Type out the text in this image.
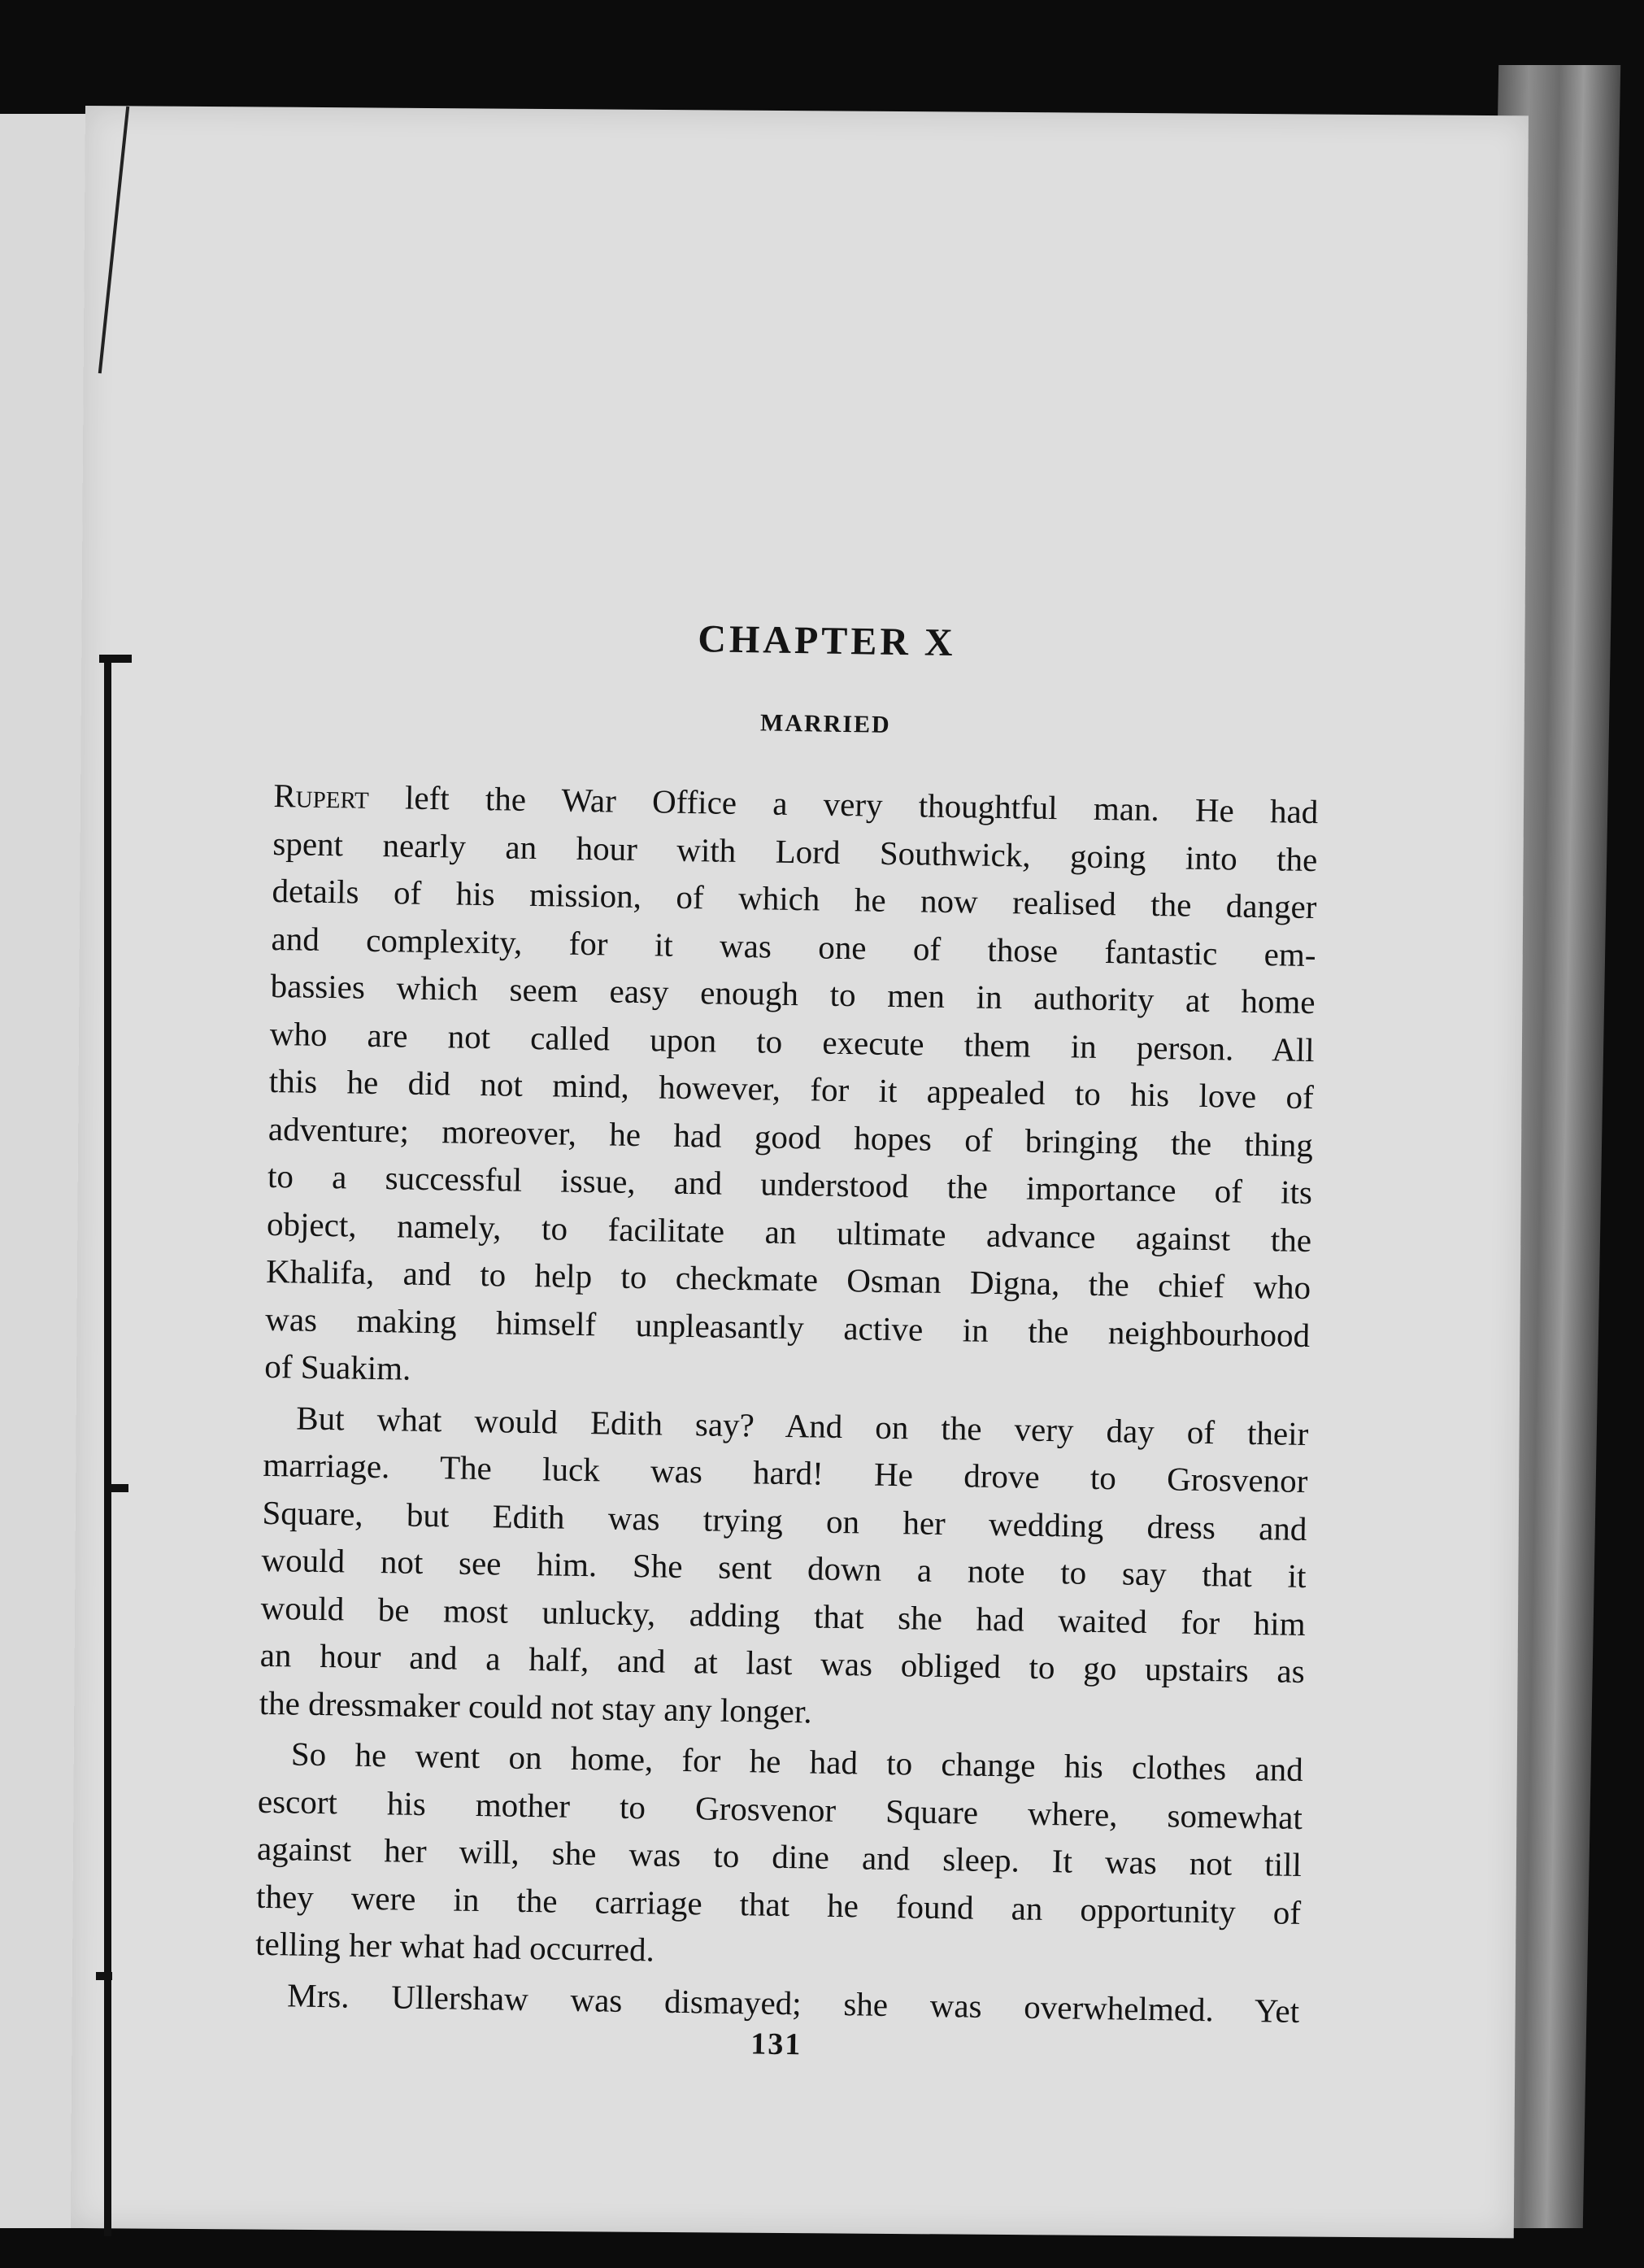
CHAPTER X
MARRIED
Rupert left the War Office a very thoughtful man. He had
spent nearly an hour with Lord Southwick, going into the
details of his mission, of which he now realised the danger
and complexity, for it was one of those fantastic em-
bassies which seem easy enough to men in authority at home
who are not called upon to execute them in person. All
this he did not mind, however, for it appealed to his love of
adventure; moreover, he had good hopes of bringing the thing
to a successful issue, and understood the importance of its
object, namely, to facilitate an ultimate advance against the
Khalifa, and to help to checkmate Osman Digna, the chief who
was making himself unpleasantly active in the neighbourhood
of Suakim.
But what would Edith say? And on the very day of their
marriage. The luck was hard! He drove to Grosvenor
Square, but Edith was trying on her wedding dress and
would not see him. She sent down a note to say that it
would be most unlucky, adding that she had waited for him
an hour and a half, and at last was obliged to go upstairs as
the dressmaker could not stay any longer.
So he went on home, for he had to change his clothes and
escort his mother to Grosvenor Square where, somewhat
against her will, she was to dine and sleep. It was not till
they were in the carriage that he found an opportunity of
telling her what had occurred.
Mrs. Ullershaw was dismayed; she was overwhelmed. Yet
131
